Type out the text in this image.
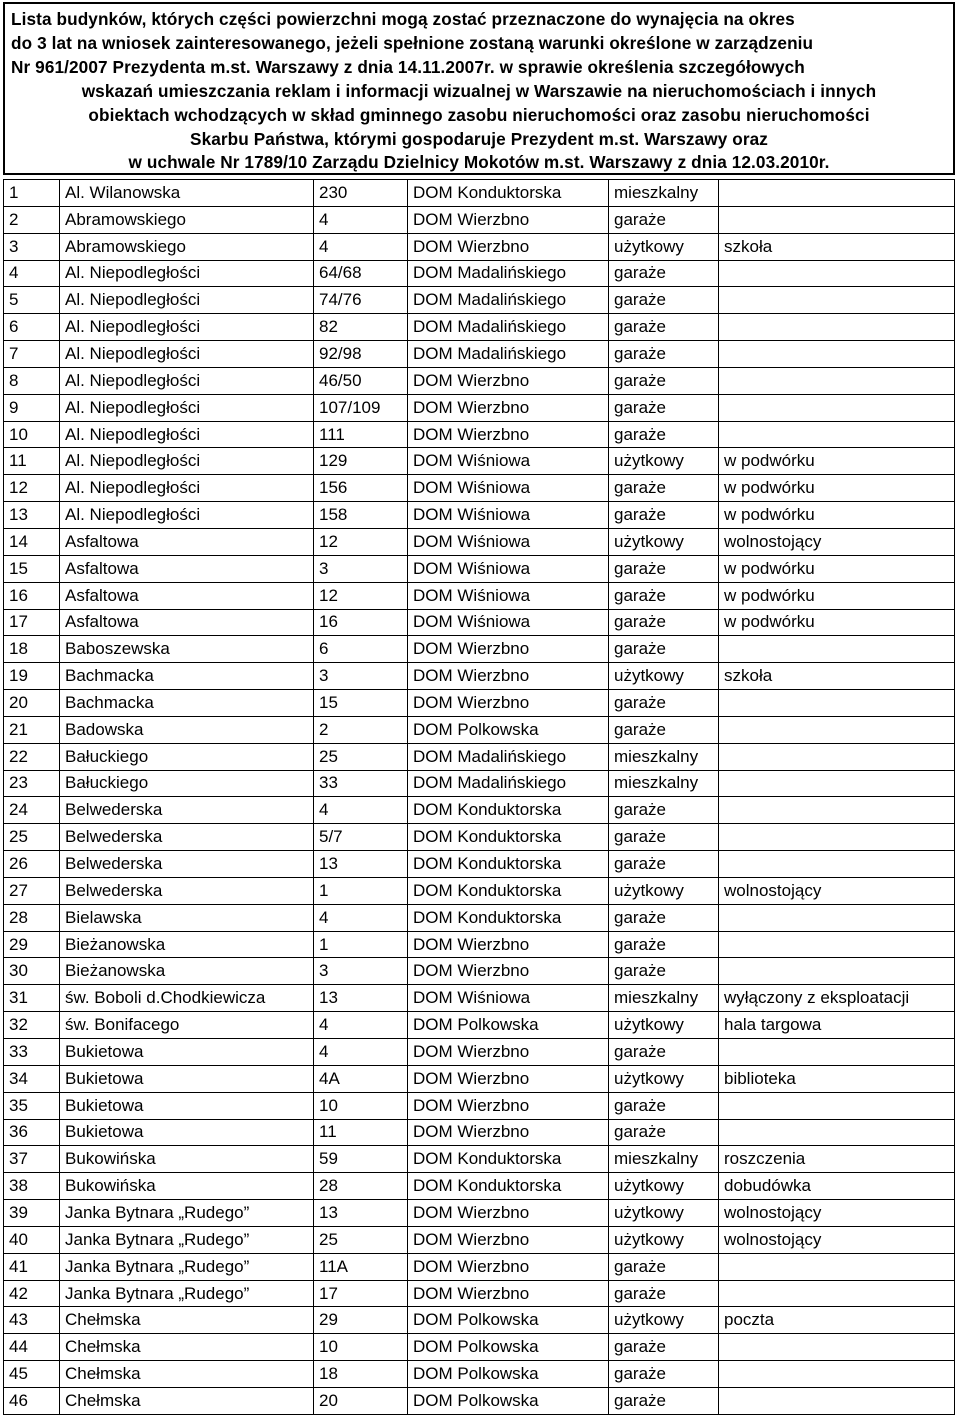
Lista budynków, których części powierzchni mogą zostać przeznaczone do wynajęcia na okres
do 3 lat na wniosek zainteresowanego, jeżeli spełnione zostaną warunki określone w zarządzeniu
Nr 961/2007 Prezydenta m.st. Warszawy z dnia 14.11.2007r. w sprawie określenia szczegółowych
wskazań umieszczania reklam i informacji wizualnej w Warszawie na nieruchomościach i innych
obiektach wchodzących w skład gminnego zasobu nieruchomości oraz zasobu nieruchomości
Skarbu Państwa, którymi gospodaruje Prezydent m.st. Warszawy oraz
w uchwale Nr 1789/10 Zarządu Dzielnicy Mokotów m.st. Warszawy z dnia 12.03.2010r.
1	Al. Wilanowska	230	DOM Konduktorska	mieszkalny	
2	Abramowskiego	4	DOM Wierzbno	garaże	
3	Abramowskiego	4	DOM Wierzbno	użytkowy	szkoła
4	Al. Niepodległości	64/68	DOM Madalińskiego	garaże	
5	Al. Niepodległości	74/76	DOM Madalińskiego	garaże	
6	Al. Niepodległości	82	DOM Madalińskiego	garaże	
7	Al. Niepodległości	92/98	DOM Madalińskiego	garaże	
8	Al. Niepodległości	46/50	DOM Wierzbno	garaże	
9	Al. Niepodległości	107/109	DOM Wierzbno	garaże	
10	Al. Niepodległości	111	DOM Wierzbno	garaże	
11	Al. Niepodległości	129	DOM Wiśniowa	użytkowy	w podwórku
12	Al. Niepodległości	156	DOM Wiśniowa	garaże	w podwórku
13	Al. Niepodległości	158	DOM Wiśniowa	garaże	w podwórku
14	Asfaltowa	12	DOM Wiśniowa	użytkowy	wolnostojący
15	Asfaltowa	3	DOM Wiśniowa	garaże	w podwórku
16	Asfaltowa	12	DOM Wiśniowa	garaże	w podwórku
17	Asfaltowa	16	DOM Wiśniowa	garaże	w podwórku
18	Baboszewska	6	DOM Wierzbno	garaże	
19	Bachmacka	3	DOM Wierzbno	użytkowy	szkoła
20	Bachmacka	15	DOM Wierzbno	garaże	
21	Badowska	2	DOM Polkowska	garaże	
22	Bałuckiego	25	DOM Madalińskiego	mieszkalny	
23	Bałuckiego	33	DOM Madalińskiego	mieszkalny	
24	Belwederska	4	DOM Konduktorska	garaże	
25	Belwederska	5/7	DOM Konduktorska	garaże	
26	Belwederska	13	DOM Konduktorska	garaże	
27	Belwederska	1	DOM Konduktorska	użytkowy	wolnostojący
28	Bielawska	4	DOM Konduktorska	garaże	
29	Bieżanowska	1	DOM Wierzbno	garaże	
30	Bieżanowska	3	DOM Wierzbno	garaże	
31	św. Boboli d.Chodkiewicza	13	DOM Wiśniowa	mieszkalny	wyłączony z eksploatacji
32	św. Bonifacego	4	DOM Polkowska	użytkowy	hala targowa
33	Bukietowa	4	DOM Wierzbno	garaże	
34	Bukietowa	4A	DOM Wierzbno	użytkowy	biblioteka
35	Bukietowa	10	DOM Wierzbno	garaże	
36	Bukietowa	11	DOM Wierzbno	garaże	
37	Bukowińska	59	DOM Konduktorska	mieszkalny	roszczenia
38	Bukowińska	28	DOM Konduktorska	użytkowy	dobudówka
39	Janka Bytnara „Rudego”	13	DOM Wierzbno	użytkowy	wolnostojący
40	Janka Bytnara „Rudego”	25	DOM Wierzbno	użytkowy	wolnostojący
41	Janka Bytnara „Rudego”	11A	DOM Wierzbno	garaże	
42	Janka Bytnara „Rudego”	17	DOM Wierzbno	garaże	
43	Chełmska	29	DOM Polkowska	użytkowy	poczta
44	Chełmska	10	DOM Polkowska	garaże	
45	Chełmska	18	DOM Polkowska	garaże	
46	Chełmska	20	DOM Polkowska	garaże	
